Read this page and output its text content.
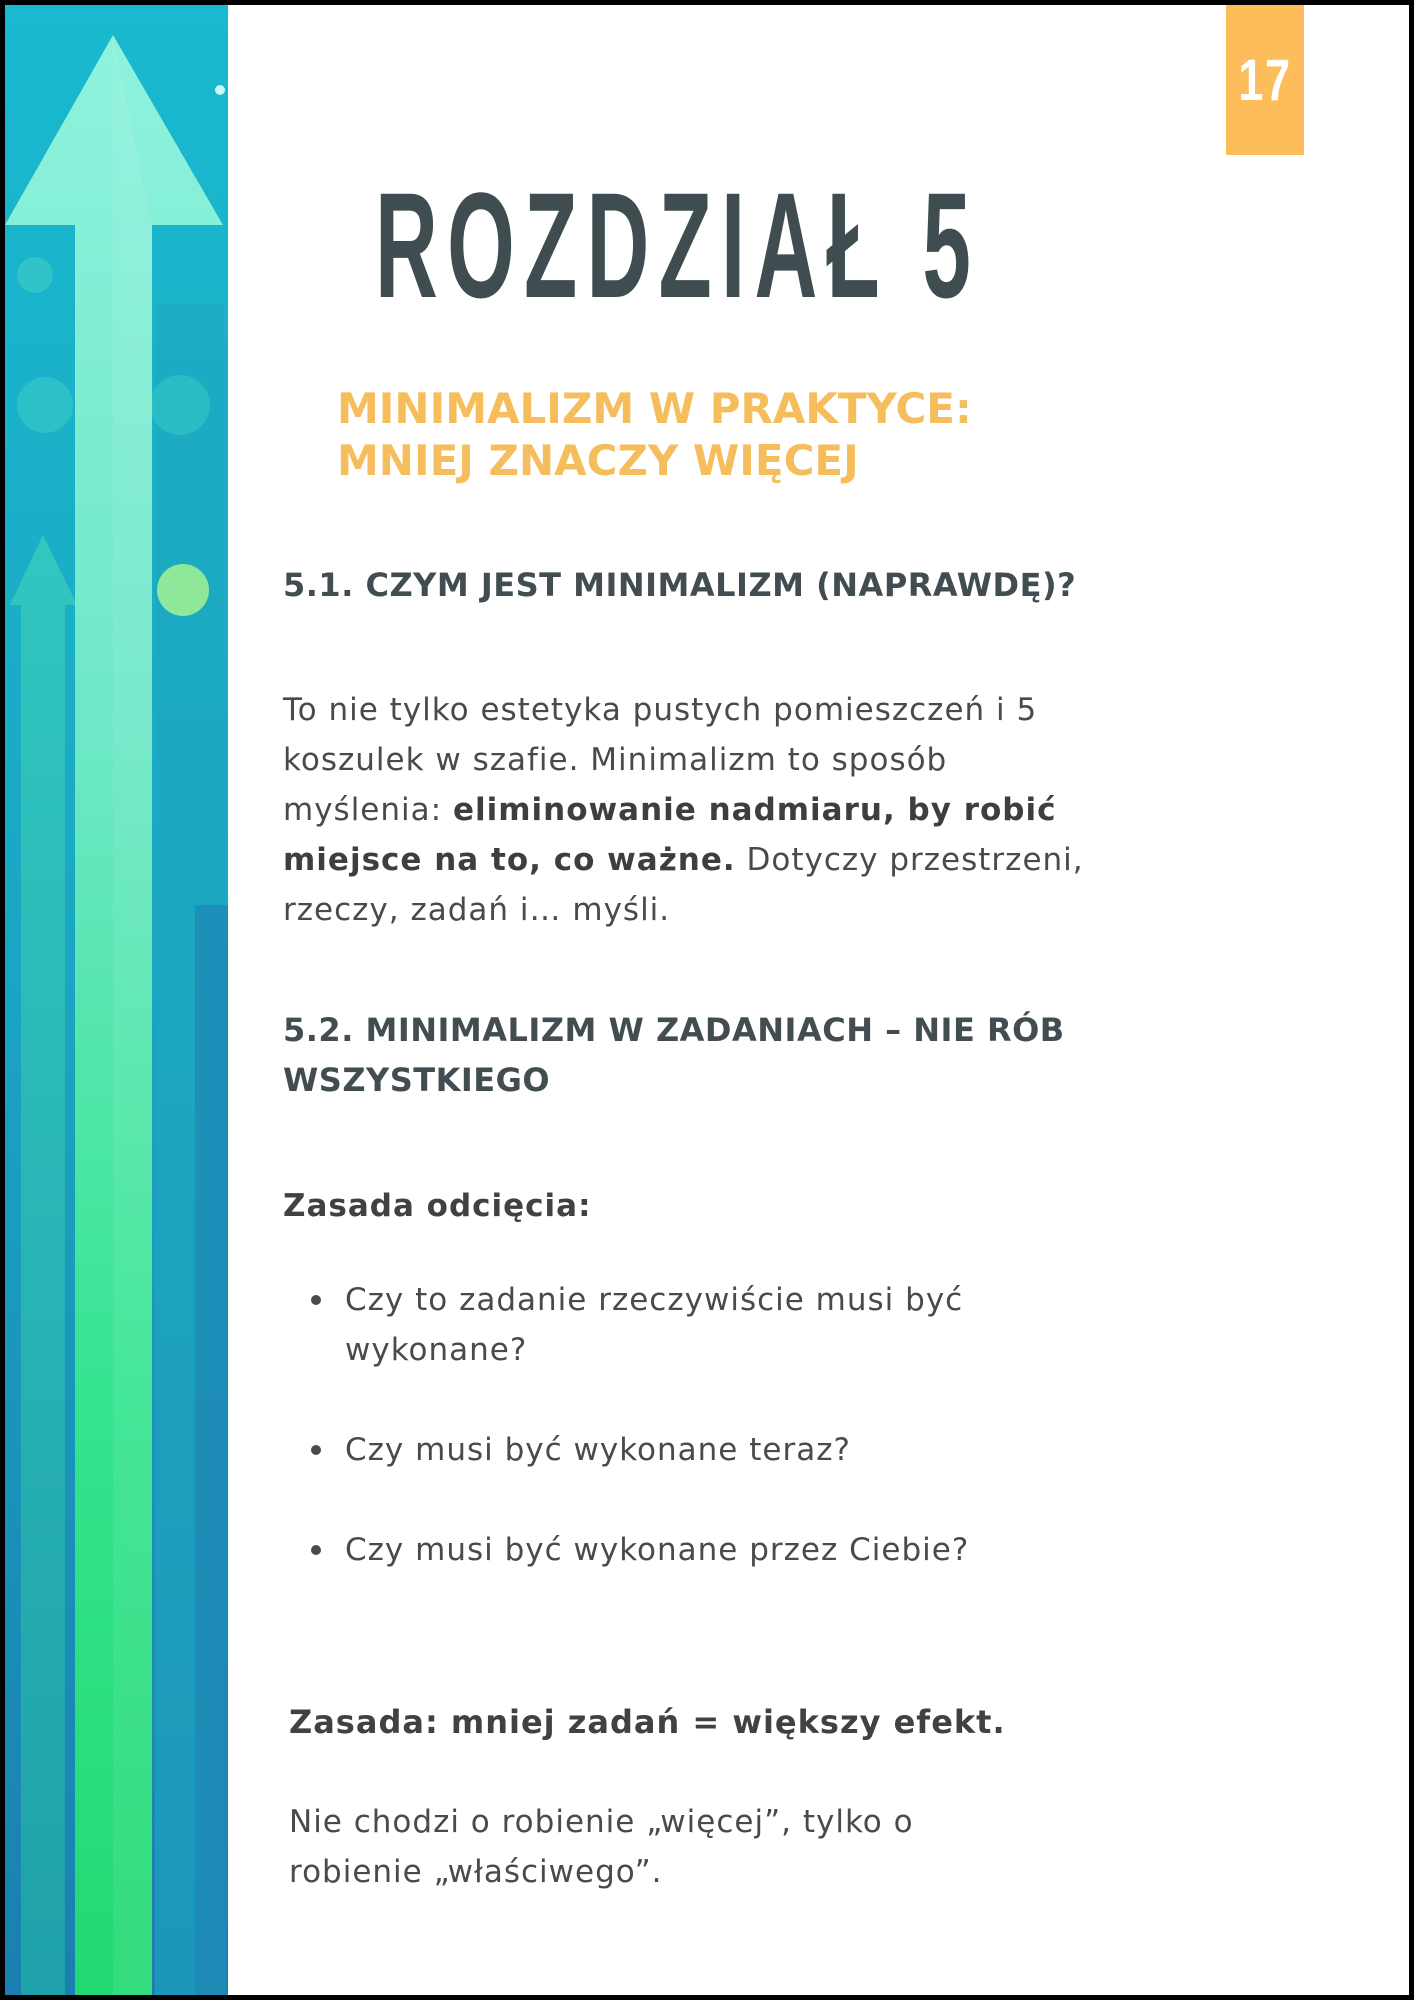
17
ROZDZIAŁ 5
MINIMALIZM W PRAKTYCE:
MNIEJ ZNACZY WIĘCEJ
5.1. CZYM JEST MINIMALIZM (NAPRAWDĘ)?

To nie tylko estetyka pustych pomieszczeń i 5 koszulek w szafie. Minimalizm to sposób myślenia: eliminowanie nadmiaru, by robić miejsce na to, co ważne. Dotyczy przestrzeni, rzeczy, zadań i… myśli.

5.2. MINIMALIZM W ZADANIACH – NIE RÓB WSZYSTKIEGO

Zasada odcięcia:

Czy to zadanie rzeczywiście musi być wykonane?
Czy musi być wykonane teraz?
Czy musi być wykonane przez Ciebie?

Zasada: mniej zadań = większy efekt.

Nie chodzi o robienie „więcej”, tylko o robienie „właściwego”.
